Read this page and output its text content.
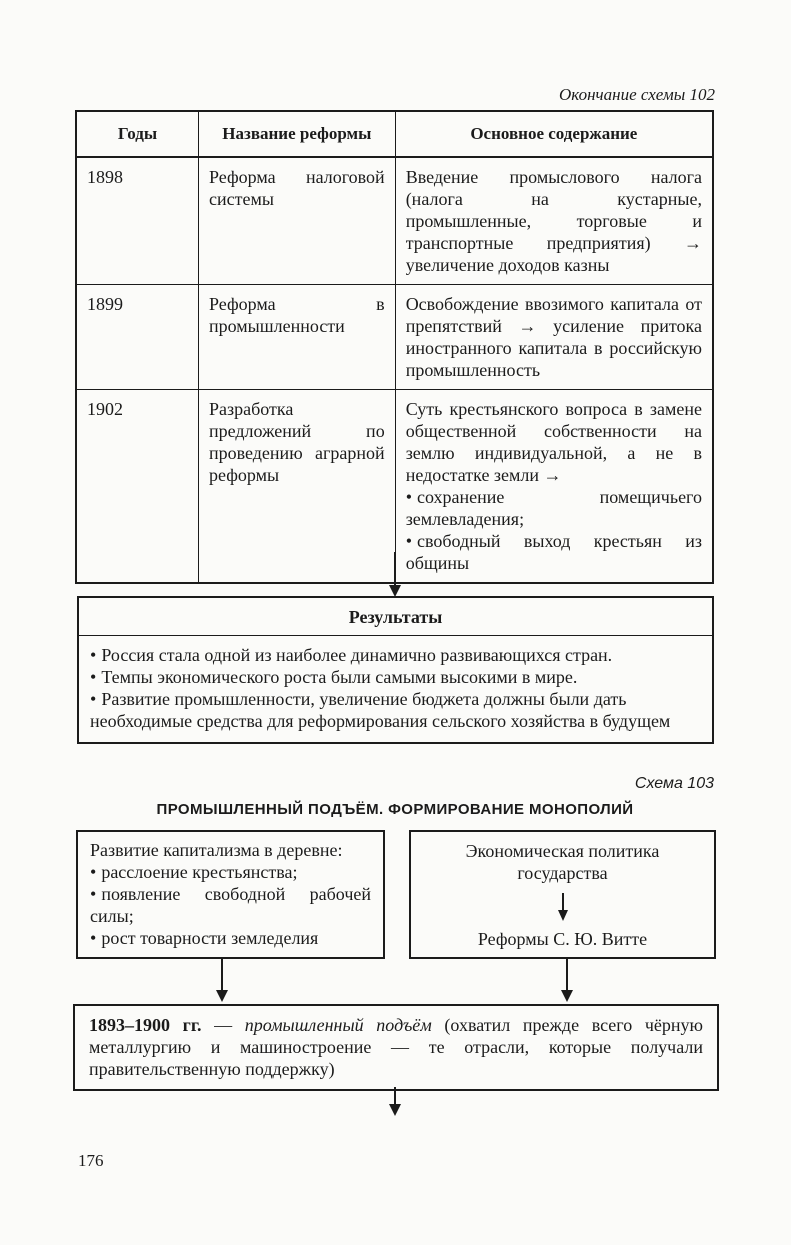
Окончание схемы 102
Годы	Название реформы	Основное содержание
1898	Реформа налоговой системы	Введение промыслового налога (налога на кустарные, промышленные, торговые и транспортные предприятия) → увеличение доходов казны
1899	Реформа в промышленности	Освобождение ввозимого капитала от препятствий → усиление притока иностранного капитала в российскую промышленность
1902	Разработка предложений по проведению аграрной реформы	Суть крестьянского вопроса в замене общественной собственности на землю индивидуальной, а не в недостатке земли →
• сохранение помещичьего землевладения;
• свободный выход крестьян из общины
Результаты
• Россия стала одной из наиболее динамично развивающихся стран.
• Темпы экономического роста были самыми высокими в мире.
• Развитие промышленности, увеличение бюджета должны были дать необходимые средства для реформирования сельского хозяйства в будущем
Схема 103
ПРОМЫШЛЕННЫЙ ПОДЪЁМ. ФОРМИРОВАНИЕ МОНОПОЛИЙ
Развитие капитализма в деревне:
• расслоение крестьянства;
• появление свободной рабочей силы;
• рост товарности земледелия
Экономическая политика государства
Реформы С. Ю. Витте
1893–1900 гг. — промышленный подъём (охватил прежде всего чёрную металлургию и машиностроение — те отрасли, которые получали правительственную поддержку)
176
